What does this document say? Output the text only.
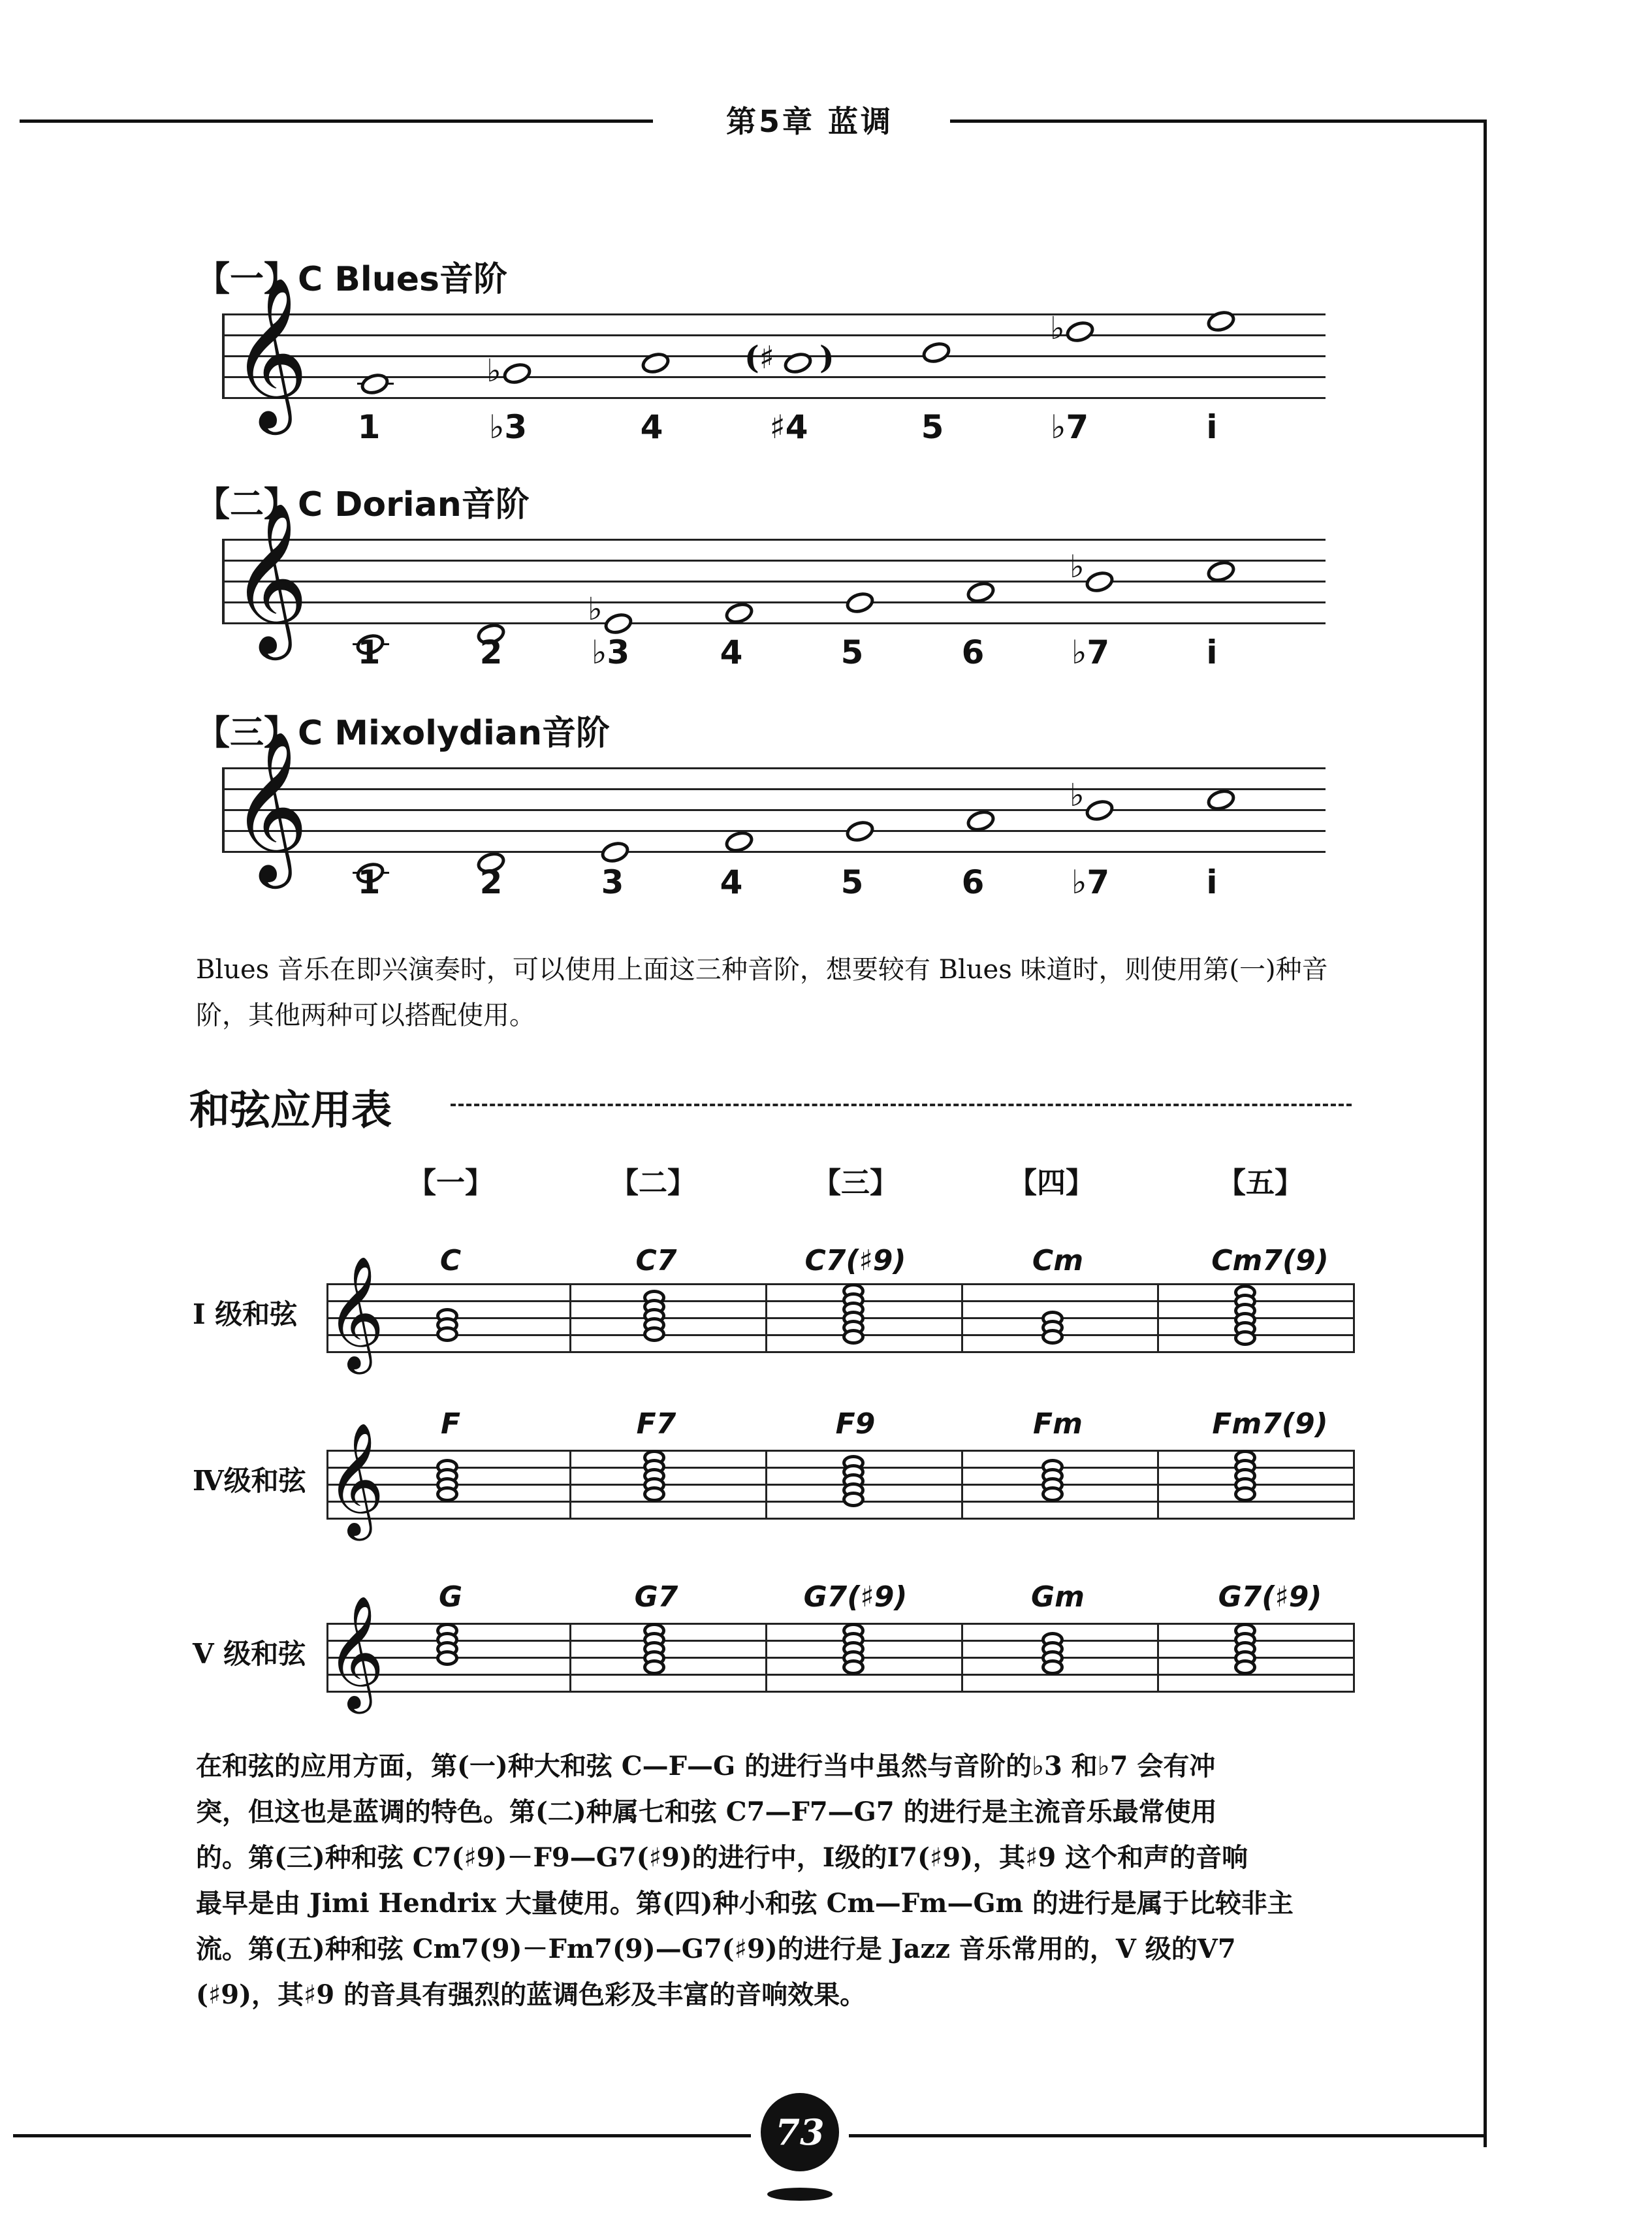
第5章 蓝调
【一】C Blues音阶
𝄞	♭	(♯ )
♭
1	♭3	4	♯4	5	♭7	i
【二】C Dorian音阶
𝄞	♭
♭
1	2	♭3	4	5	6	♭7	i
【三】C Mixolydian音阶
𝄞	♭
1	2	3	4	5	6	♭7	i
Blues 音乐在即兴演奏时，可以使用上面这三种音阶，想要较有 Blues 味道时，则使用第(一)种音阶，其他两种可以搭配使用。
和弦应用表
【一】	【二】	【三】	【四】	【五】
I 级和弦
C	C7	C7(♯9)	Cm	Cm7(9)
𝄞
Ⅳ级和弦
F	F7	F9	Fm	Fm7(9)
𝄞
V 级和弦
G	G7	G7(♯9)	Gm	G7(♯9)
𝄞
在和弦的应用方面，第(一)种大和弦 C—F—G 的进行当中虽然与音阶的♭3 和♭7 会有冲
突，但这也是蓝调的特色。第(二)种属七和弦 C7—F7—G7 的进行是主流音乐最常使用
的。第(三)种和弦 C7(♯9)－F9—G7(♯9)的进行中，Ⅰ级的Ⅰ7(♯9)，其♯9 这个和声的音响
最早是由 Jimi Hendrix 大量使用。第(四)种小和弦 Cm—Fm—Gm 的进行是属于比较非主
流。第(五)种和弦 Cm7(9)－Fm7(9)—G7(♯9)的进行是 Jazz 音乐常用的，V 级的V7
(♯9)，其♯9 的音具有强烈的蓝调色彩及丰富的音响效果。
73
